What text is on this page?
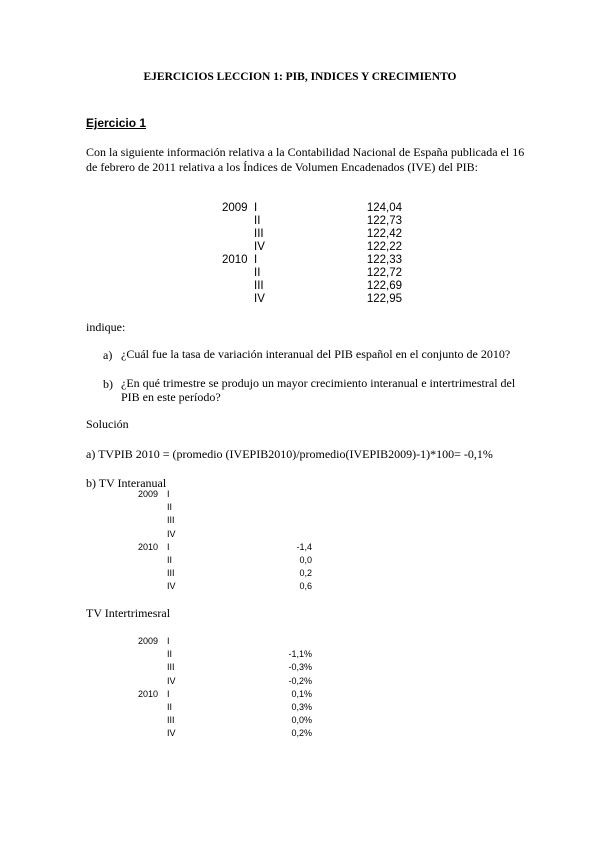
EJERCICIOS LECCION 1: PIB, INDICES Y CRECIMIENTO
Ejercicio 1
Con la siguiente información relativa a la Contabilidad Nacional de España publicada el 16 de febrero de 2011 relativa a los Índices de Volumen Encadenados (IVE) del PIB:
2009 I	124,04
II	122,73
III	122,42
IV	122,22
2010 I	122,33
II	122,72
III	122,69
IV	122,95
indique:
a) ¿Cuál fue la tasa de variación interanual del PIB español en el conjunto de 2010?
b) ¿En qué trimestre se produjo un mayor crecimiento interanual e intertrimestral del PIB en este período?
Solución
a) TVPIB 2010 = (promedio (IVEPIB2010)/promedio(IVEPIB2009)-1)*100= -0,1%
b) TV Interanual
2009 I
II
III
IV
2010 I	-1,4
II	0,0
III	0,2
IV	0,6
TV Intertrimesral
2009 I
II	-1,1%
III	-0,3%
IV	-0,2%
2010 I	0,1%
II	0,3%
III	0,0%
IV	0,2%
